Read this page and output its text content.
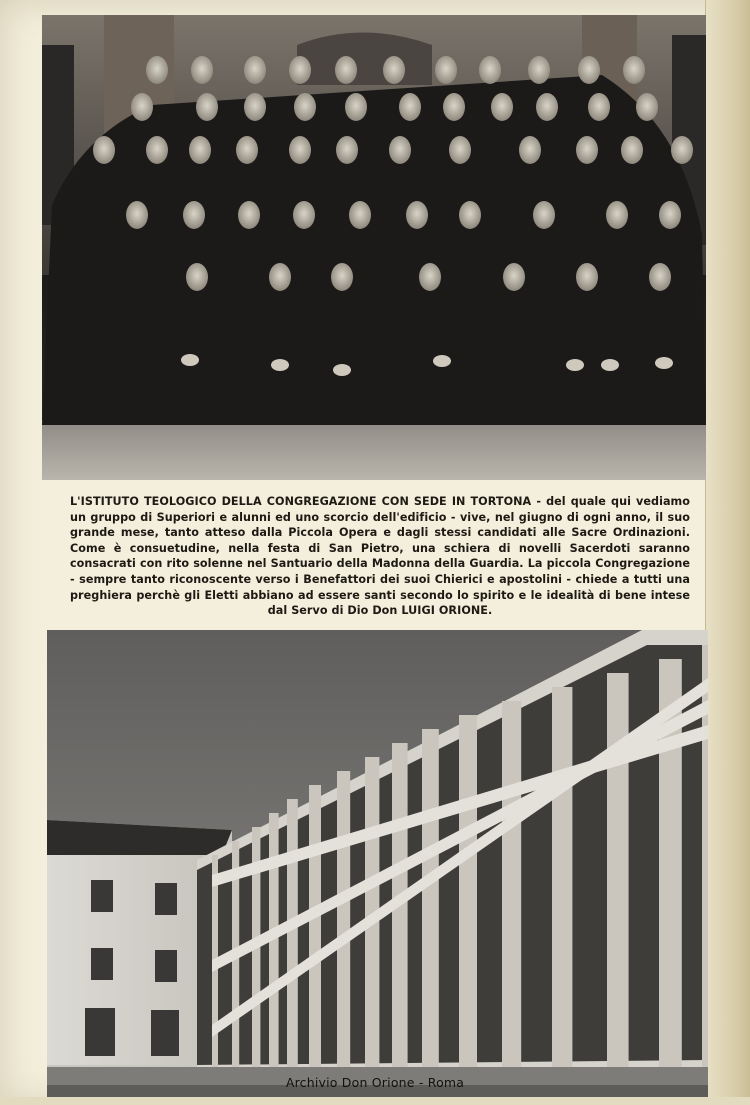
L'ISTITUTO TEOLOGICO DELLA CONGREGAZIONE CON SEDE IN TORTONA - del quale qui vediamo un gruppo di Superiori e alunni ed uno scorcio dell'edificio - vive, nel giugno di ogni anno, il suo grande mese, tanto atteso dalla Piccola Opera e dagli stessi candidati alle Sacre Ordinazioni. Come è consuetudine, nella festa di San Pietro, una schiera di novelli Sacerdoti saranno consacrati con rito solenne nel Santuario della Madonna della Guardia. La piccola Congregazione - sempre tanto riconoscente verso i Benefattori dei suoi Chierici e apostolini - chiede a tutti una preghiera perchè gli Eletti abbiano ad essere santi secondo lo spirito e le idealità di bene intese dal Servo di Dio Don LUIGI ORIONE.
Archivio Don Orione - Roma
